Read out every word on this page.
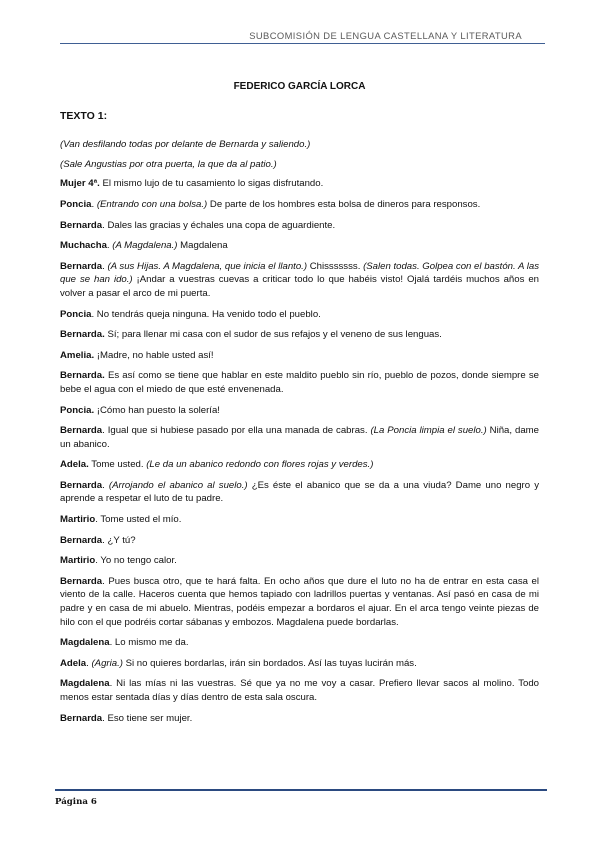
SUBCOMISIÓN DE LENGUA CASTELLANA Y LITERATURA
FEDERICO GARCÍA LORCA
TEXTO 1:

(Van desfilando todas por delante de Bernarda y saliendo.)

(Sale Angustias por otra puerta, la que da al patio.)

Mujer 4ª. El mismo lujo de tu casamiento lo sigas disfrutando.

Poncia. (Entrando con una bolsa.) De parte de los hombres esta bolsa de dineros para responsos.

Bernarda. Dales las gracias y échales una copa de aguardiente.

Muchacha. (A Magdalena.) Magdalena

Bernarda. (A sus Hijas. A Magdalena, que inicia el llanto.) Chisssssss. (Salen todas. Golpea con el bastón. A las que se han ido.) ¡Andar a vuestras cuevas a criticar todo lo que habéis visto! Ojalá tardéis muchos años en volver a pasar el arco de mi puerta.

Poncia. No tendrás queja ninguna. Ha venido todo el pueblo.

Bernarda. Sí; para llenar mi casa con el sudor de sus refajos y el veneno de sus lenguas.

Amelia. ¡Madre, no hable usted así!

Bernarda. Es así como se tiene que hablar en este maldito pueblo sin río, pueblo de pozos, donde siempre se bebe el agua con el miedo de que esté envenenada.

Poncia. ¡Cómo han puesto la solería!

Bernarda. Igual que si hubiese pasado por ella una manada de cabras. (La Poncia limpia el suelo.) Niña, dame un abanico.

Adela. Tome usted. (Le da un abanico redondo con flores rojas y verdes.)

Bernarda. (Arrojando el abanico al suelo.) ¿Es éste el abanico que se da a una viuda? Dame uno negro y aprende a respetar el luto de tu padre.

Martirio. Tome usted el mío.

Bernarda. ¿Y tú?

Martirio. Yo no tengo calor.

Bernarda. Pues busca otro, que te hará falta. En ocho años que dure el luto no ha de entrar en esta casa el viento de la calle. Haceros cuenta que hemos tapiado con ladrillos puertas y ventanas. Así pasó en casa de mi padre y en casa de mi abuelo. Mientras, podéis empezar a bordaros el ajuar. En el arca tengo veinte piezas de hilo con el que podréis cortar sábanas y embozos. Magdalena puede bordarlas.

Magdalena. Lo mismo me da.

Adela. (Agria.) Si no quieres bordarlas, irán sin bordados. Así las tuyas lucirán más.

Magdalena. Ni las mías ni las vuestras. Sé que ya no me voy a casar. Prefiero llevar sacos al molino. Todo menos estar sentada días y días dentro de esta sala oscura.

Bernarda. Eso tiene ser mujer.

Página 6
